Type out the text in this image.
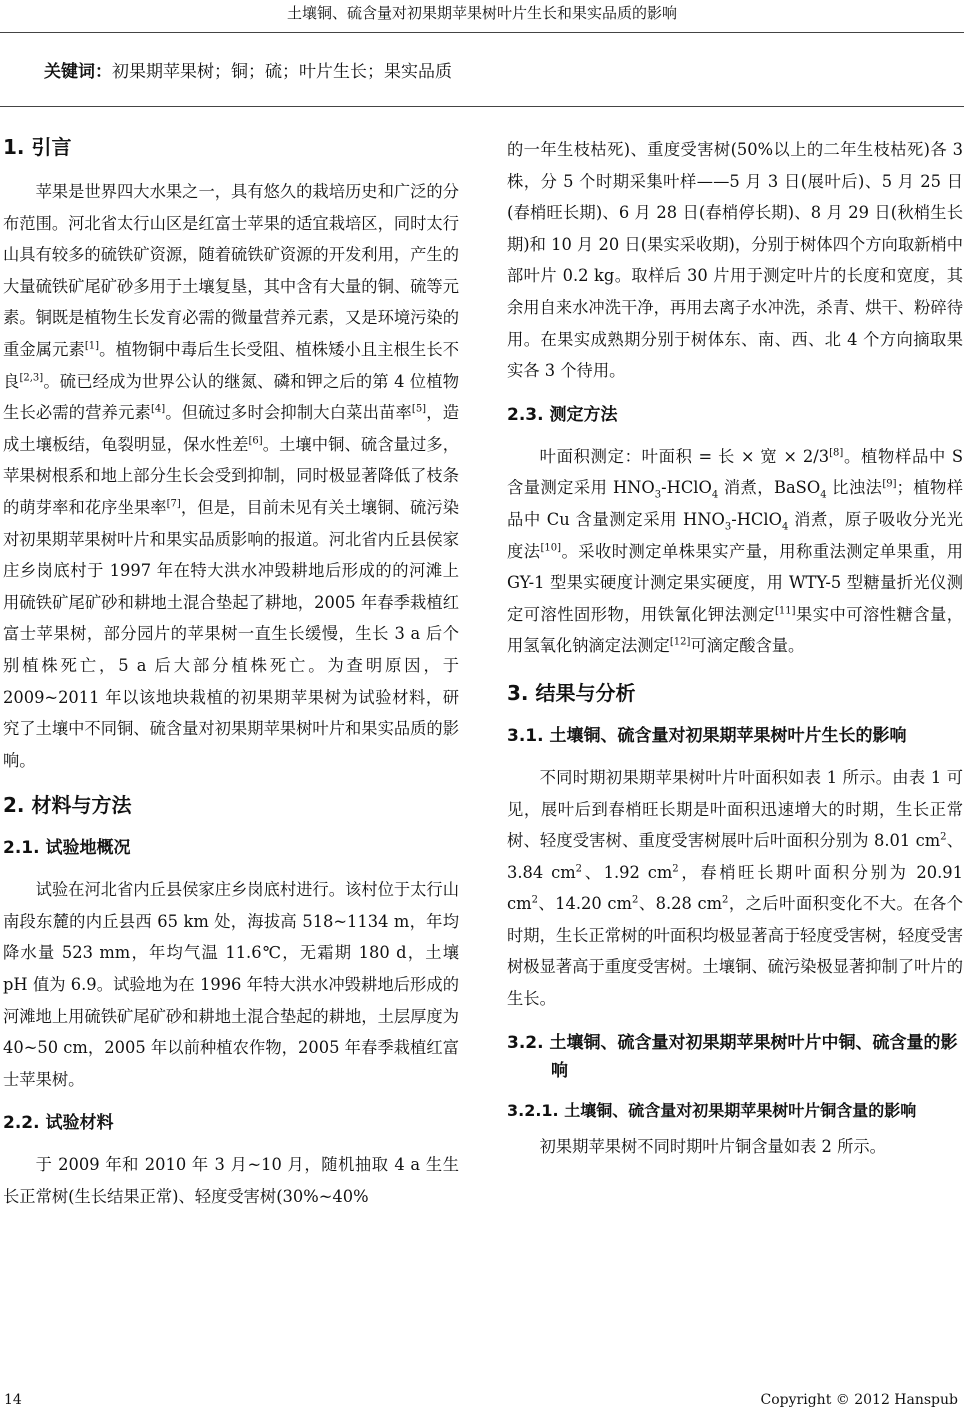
土壤铜、硫含量对初果期苹果树叶片生长和果实品质的影响
关键词：初果期苹果树；铜；硫；叶片生长；果实品质
1. 引言

苹果是世界四大水果之一，具有悠久的栽培历史和广泛的分布范围。河北省太行山区是红富士苹果的适宜栽培区，同时太行山具有较多的硫铁矿资源，随着硫铁矿资源的开发利用，产生的大量硫铁矿尾矿砂多用于土壤复垦，其中含有大量的铜、硫等元素。铜既是植物生长发育必需的微量营养元素，又是环境污染的重金属元素[1]。植物铜中毒后生长受阻、植株矮小且主根生长不良[2,3]。硫已经成为世界公认的继氮、磷和钾之后的第 4 位植物生长必需的营养元素[4]。但硫过多时会抑制大白菜出苗率[5]，造成土壤板结，龟裂明显，保水性差[6]。土壤中铜、硫含量过多，苹果树根系和地上部分生长会受到抑制，同时极显著降低了枝条的萌芽率和花序坐果率[7]，但是，目前未见有关土壤铜、硫污染对初果期苹果树叶片和果实品质影响的报道。河北省内丘县侯家庄乡岗底村于 1997 年在特大洪水冲毁耕地后形成的的河滩上用硫铁矿尾矿砂和耕地土混合垫起了耕地，2005 年春季栽植红富士苹果树，部分园片的苹果树一直生长缓慢，生长 3 a 后个别植株死亡，5 a 后大部分植株死亡。为查明原因，于 2009~2011 年以该地块栽植的初果期苹果树为试验材料，研究了土壤中不同铜、硫含量对初果期苹果树叶片和果实品质的影响。

2. 材料与方法
2.1. 试验地概况

试验在河北省内丘县侯家庄乡岗底村进行。该村位于太行山南段东麓的内丘县西 65 km 处，海拔高 518~1134 m，年均降水量 523 mm，年均气温 11.6℃，无霜期 180 d，土壤 pH 值为 6.9。试验地为在 1996 年特大洪水冲毁耕地后形成的河滩地上用硫铁矿尾矿砂和耕地土混合垫起的耕地，土层厚度为40~50 cm，2005 年以前种植农作物，2005 年春季栽植红富士苹果树。

2.2. 试验材料

于 2009 年和 2010 年 3 月~10 月，随机抽取 4 a 生生长正常树(生长结果正常)、轻度受害树(30%~40%

的一年生枝枯死)、重度受害树(50%以上的二年生枝枯死)各 3 株，分 5 个时期采集叶样——5 月 3 日(展叶后)、5 月 25 日(春梢旺长期)、6 月 28 日(春梢停长期)、8 月 29 日(秋梢生长期)和 10 月 20 日(果实采收期)，分别于树体四个方向取新梢中部叶片 0.2 kg。取样后 30 片用于测定叶片的长度和宽度，其余用自来水冲洗干净，再用去离子水冲洗，杀青、烘干、粉碎待用。在果实成熟期分别于树体东、南、西、北 4 个方向摘取果实各 3 个待用。

2.3. 测定方法

叶面积测定：叶面积 = 长 × 宽 × 2/3[8]。植物样品中 S 含量测定采用 $HNO_3-HClO_4$ 消煮，BaSO$_4$ 比浊法[9]；植物样品中 Cu 含量测定采用 $HNO_3-HClO_4$ 消煮，原子吸收分光光度法[10]。采收时测定单株果实产量，用称重法测定单果重，用 GY-1 型果实硬度计测定果实硬度，用 WTY-5 型糖量折光仪测定可溶性固形物，用铁氰化钾法测定[11]果实中可溶性糖含量，用氢氧化钠滴定法测定[12]可滴定酸含量。

3. 结果与分析
3.1. 土壤铜、硫含量对初果期苹果树叶片生长的影响

不同时期初果期苹果树叶片叶面积如表 1 所示。由表 1 可见，展叶后到春梢旺长期是叶面积迅速增大的时期，生长正常树、轻度受害树、重度受害树展叶后叶面积分别为 8.01 $cm^2$、3.84 $cm^2$、1.92 $cm^2$，春梢旺长期叶面积分别为 20.91 $cm^2$、14.20 $cm^2$、8.28 $cm^2$，之后叶面积变化不大。在各个时期，生长正常树的叶面积均极显著高于轻度受害树，轻度受害树极显著高于重度受害树。土壤铜、硫污染极显著抑制了叶片的生长。

3.2. 土壤铜、硫含量对初果期苹果树叶片中铜、硫含量的影响
3.2.1. 土壤铜、硫含量对初果期苹果树叶片铜含量的影响

初果期苹果树不同时期叶片铜含量如表 2 所示。

14	Copyright © 2012 Hanspub
